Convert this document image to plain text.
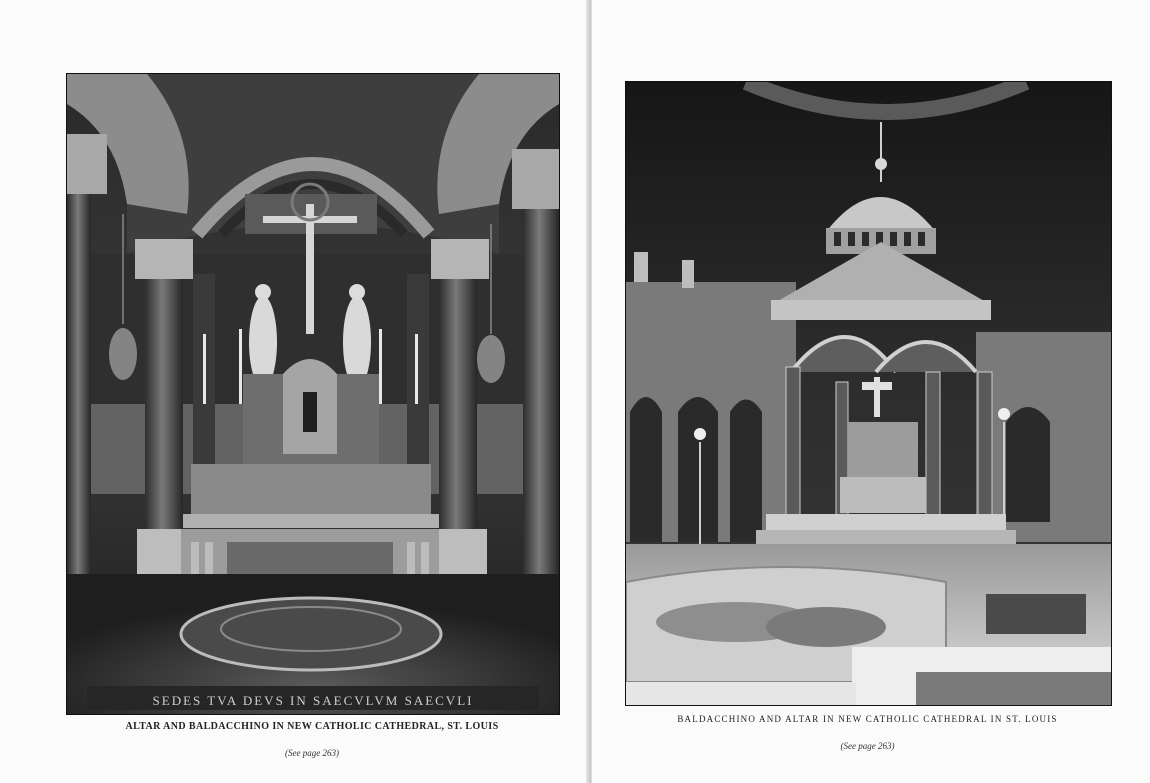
SEDES TVA DEVS IN SAECVLVM SAECVLI
ALTAR AND BALDACCHINO IN NEW CATHOLIC CATHEDRAL, ST. LOUIS
(See page 263)
BALDACCHINO AND ALTAR IN NEW CATHOLIC CATHEDRAL IN ST. LOUIS
(See page 263)
